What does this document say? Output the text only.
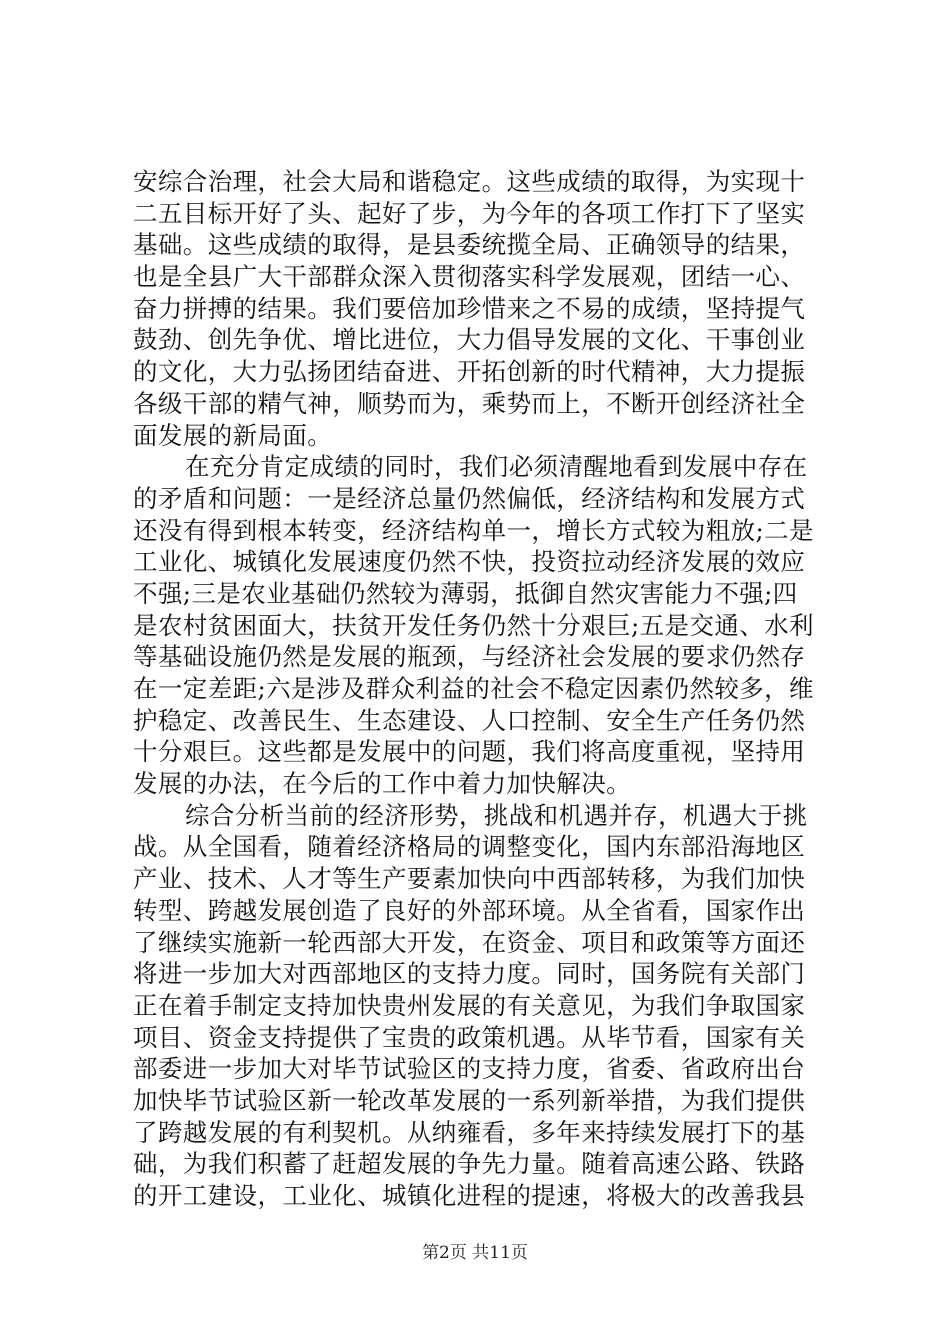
安综合治理，社会大局和谐稳定。这些成绩的取得，为实现十
二五目标开好了头、起好了步，为今年的各项工作打下了坚实
基础。这些成绩的取得，是县委统揽全局、正确领导的结果，
也是全县广大干部群众深入贯彻落实科学发展观，团结一心、
奋力拼搏的结果。我们要倍加珍惜来之不易的成绩，坚持提气
鼓劲、创先争优、增比进位，大力倡导发展的文化、干事创业
的文化，大力弘扬团结奋进、开拓创新的时代精神，大力提振
各级干部的精气神，顺势而为，乘势而上，不断开创经济社全
面发展的新局面。
在充分肯定成绩的同时，我们必须清醒地看到发展中存在
的矛盾和问题：一是经济总量仍然偏低，经济结构和发展方式
还没有得到根本转变，经济结构单一，增长方式较为粗放;二是
工业化、城镇化发展速度仍然不快，投资拉动经济发展的效应
不强;三是农业基础仍然较为薄弱，抵御自然灾害能力不强;四
是农村贫困面大，扶贫开发任务仍然十分艰巨;五是交通、水利
等基础设施仍然是发展的瓶颈，与经济社会发展的要求仍然存
在一定差距;六是涉及群众利益的社会不稳定因素仍然较多，维
护稳定、改善民生、生态建设、人口控制、安全生产任务仍然
十分艰巨。这些都是发展中的问题，我们将高度重视，坚持用
发展的办法，在今后的工作中着力加快解决。
综合分析当前的经济形势，挑战和机遇并存，机遇大于挑
战。从全国看，随着经济格局的调整变化，国内东部沿海地区
产业、技术、人才等生产要素加快向中西部转移，为我们加快
转型、跨越发展创造了良好的外部环境。从全省看，国家作出
了继续实施新一轮西部大开发，在资金、项目和政策等方面还
将进一步加大对西部地区的支持力度。同时，国务院有关部门
正在着手制定支持加快贵州发展的有关意见，为我们争取国家
项目、资金支持提供了宝贵的政策机遇。从毕节看，国家有关
部委进一步加大对毕节试验区的支持力度，省委、省政府出台
加快毕节试验区新一轮改革发展的一系列新举措，为我们提供
了跨越发展的有利契机。从纳雍看，多年来持续发展打下的基
础，为我们积蓄了赶超发展的争先力量。随着高速公路、铁路
的开工建设，工业化、城镇化进程的提速，将极大的改善我县
第2页 共11页
